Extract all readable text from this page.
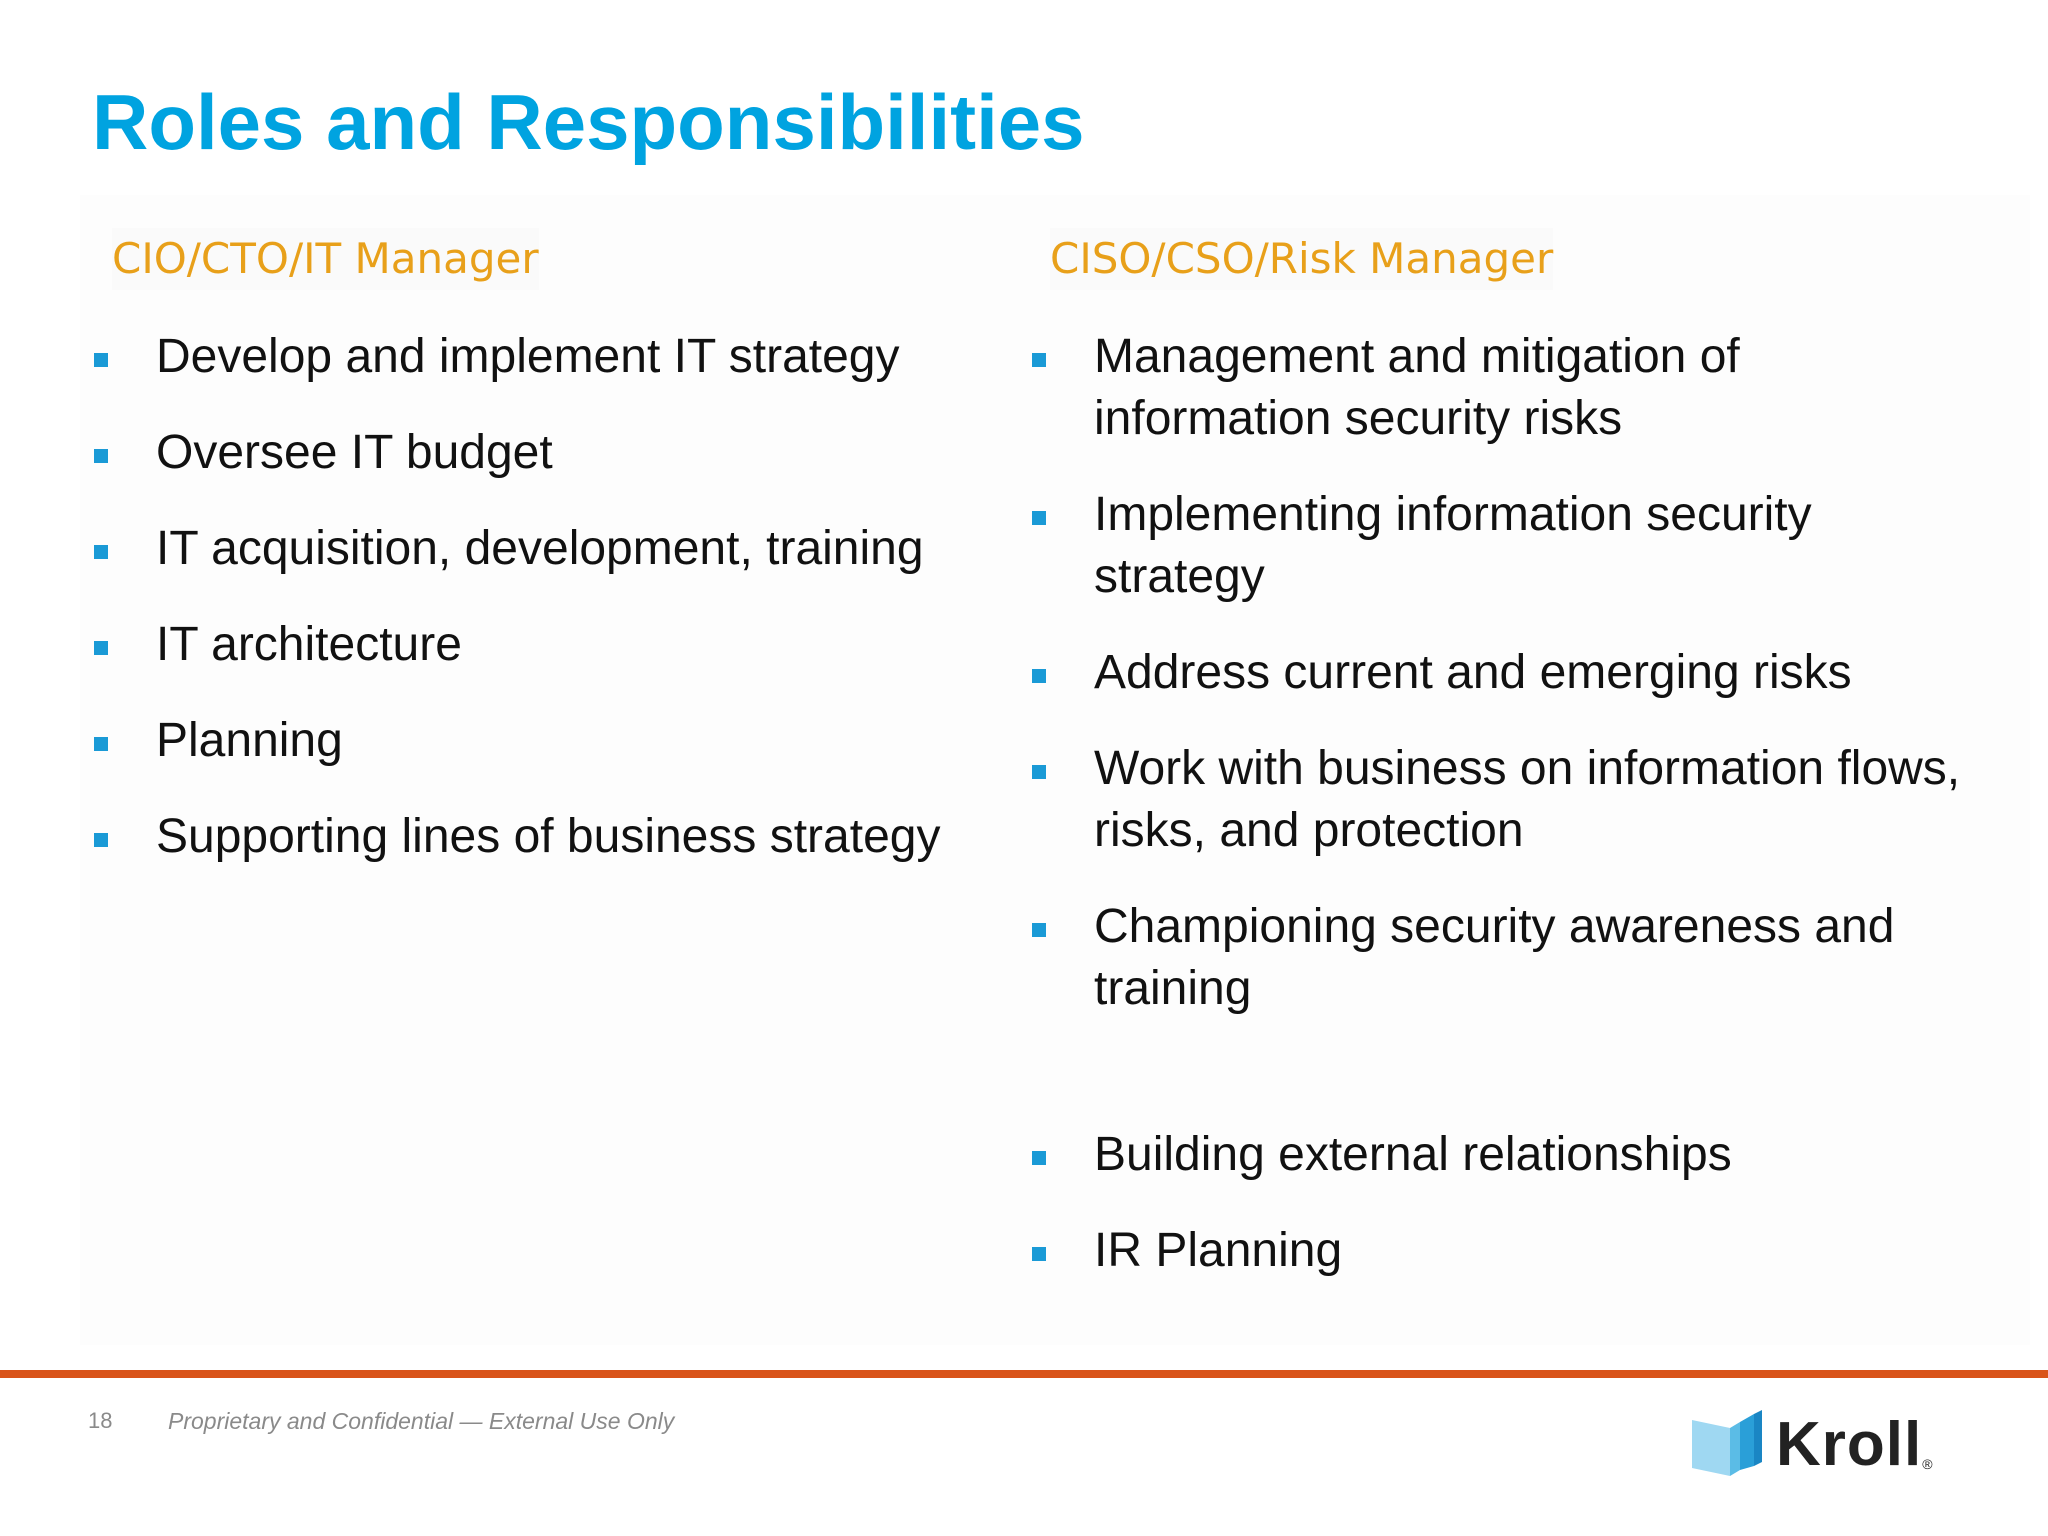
Roles and Responsibilities
CIO/CTO/IT Manager
Develop and implement IT strategy
Oversee IT budget
IT acquisition, development, training
IT architecture
Planning
Supporting lines of business strategy
CISO/CSO/Risk Manager
Management and mitigation of information security risks
Implementing information security strategy
Address current and emerging risks
Work with business on information flows, risks, and protection
Championing security awareness and training
Building external relationships
IR Planning
18 Proprietary and Confidential — External Use Only	Kroll ®
